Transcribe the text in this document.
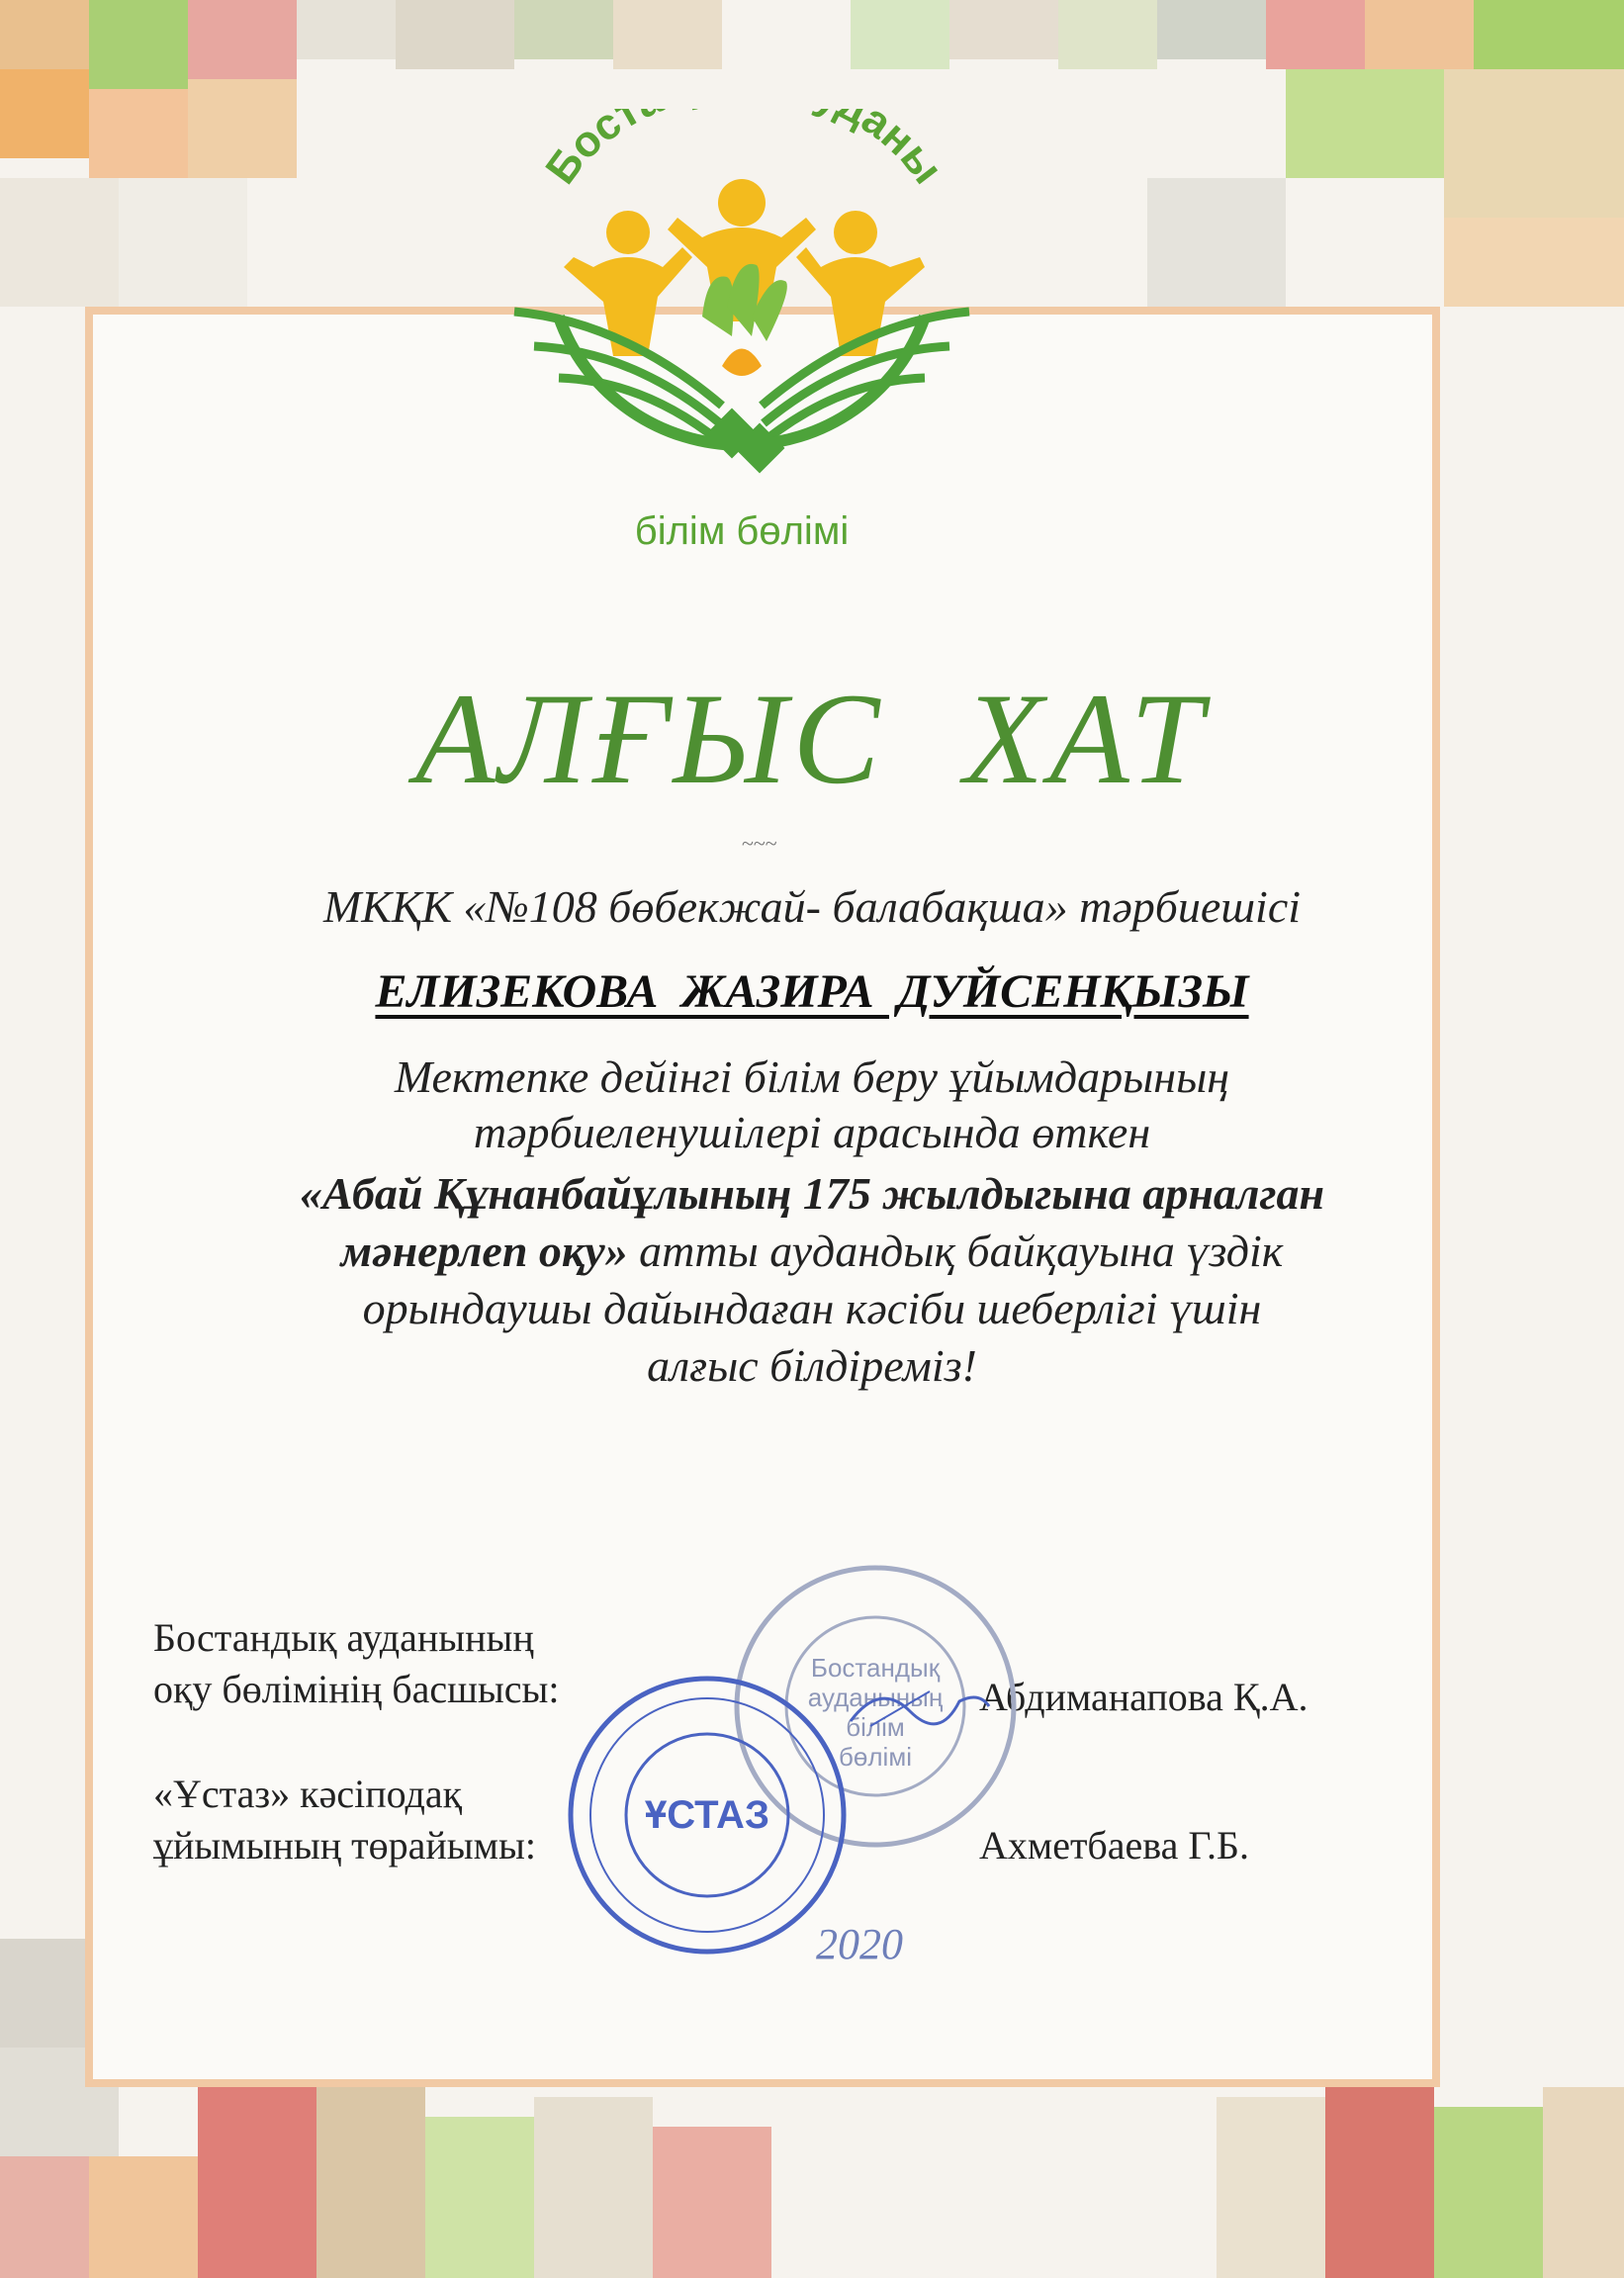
Бост аны
білім бөлімі
АЛҒЫС ХАТ
~~~
МКҚК «№108 бөбекжай- балабақша» тәрбиешісі
ЕЛИЗЕКОВА ЖАЗИРА ДУЙСЕНҚЫЗЫ
Мектепке дейінгі білім беру ұйымдарының
тәрбиеленушілері арасында өткен
«Абай Құнанбайұлының 175 жылдыгына арналган
мәнерлеп оқу» атты аудандық байқауына үздік
орындаушы дайындаған кәсіби шеберлігі үшін
алғыс білдіреміз!
Бостандық ауданының
оқу бөлімінің басшысы:	Абдиманапова Қ.А.
«Ұстаз» кәсіподақ
ұйымының төрайымы:	Ахметбаева Г.Б.
Бостандық
ауданының
білім
бөлімі
ҰСТАЗ
2020
